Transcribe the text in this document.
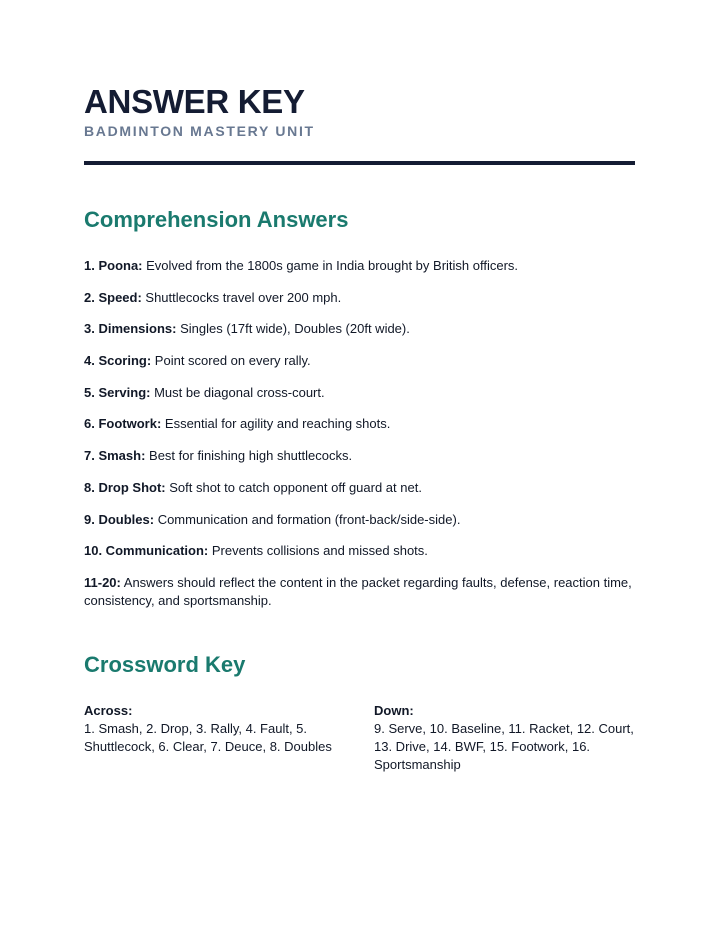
ANSWER KEY
BADMINTON MASTERY UNIT
Comprehension Answers
1. Poona: Evolved from the 1800s game in India brought by British officers.
2. Speed: Shuttlecocks travel over 200 mph.
3. Dimensions: Singles (17ft wide), Doubles (20ft wide).
4. Scoring: Point scored on every rally.
5. Serving: Must be diagonal cross-court.
6. Footwork: Essential for agility and reaching shots.
7. Smash: Best for finishing high shuttlecocks.
8. Drop Shot: Soft shot to catch opponent off guard at net.
9. Doubles: Communication and formation (front-back/side-side).
10. Communication: Prevents collisions and missed shots.
11-20: Answers should reflect the content in the packet regarding faults, defense, reaction time, consistency, and sportsmanship.
Crossword Key
Across:
1. Smash, 2. Drop, 3. Rally, 4. Fault, 5. Shuttlecock, 6. Clear, 7. Deuce, 8. Doubles
Down:
9. Serve, 10. Baseline, 11. Racket, 12. Court, 13. Drive, 14. BWF, 15. Footwork, 16. Sportsmanship
